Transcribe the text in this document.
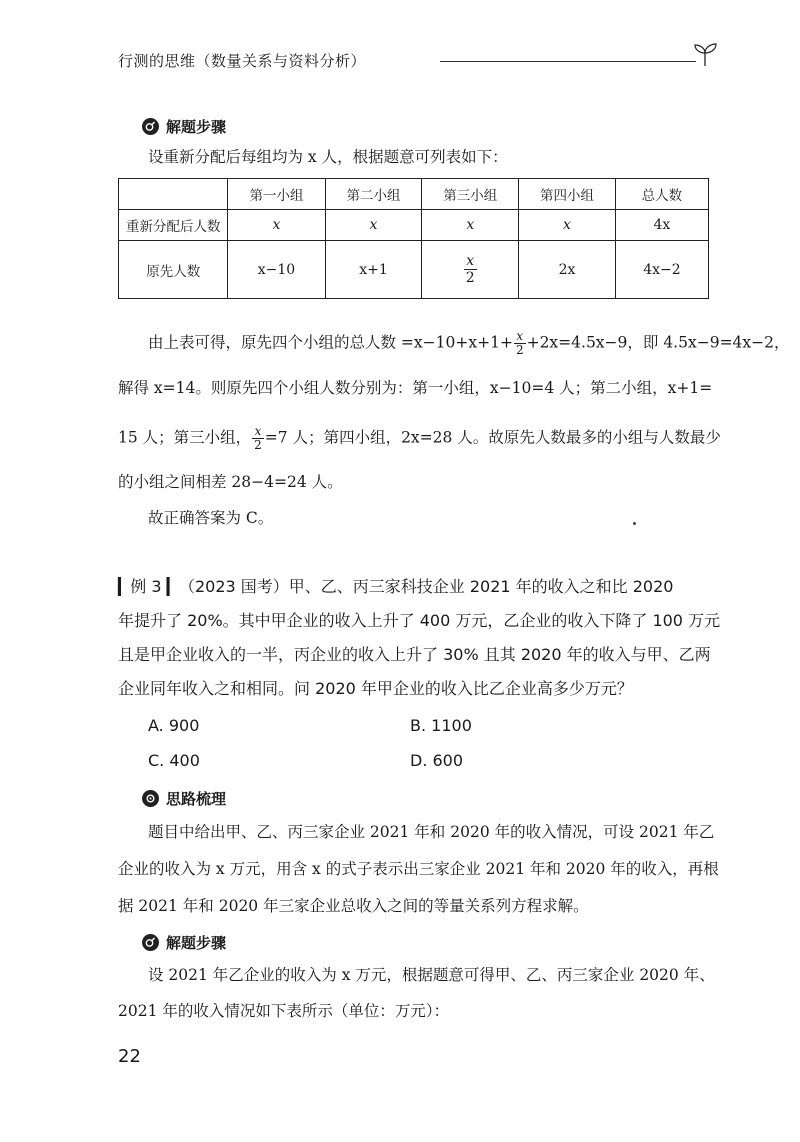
行测的思维（数量关系与资料分析）
解题步骤
设重新分配后每组均为 x 人，根据题意可列表如下：
	第一小组	第二小组	第三小组	第四小组	总人数
重新分配后人数	x	x	x	x	4x
原先人数	x−10	x+1	$\frac{x}{2}$	2x	4x−2
由上表可得，原先四个小组的总人数 $=x-10+x+1+ \frac{x}{2} +2x=4.5x-9$，即 4.5x−9=4x−2，
解得 x=14。则原先四个小组人数分别为：第一小组，x−10=4 人；第二小组，x+1=
15 人；第三小组， $\frac{x}{2} =7$ 人；第四小组，2x=28 人。故原先人数最多的小组与人数最少
的小组之间相差 28−4=24 人。
故正确答案为 C。
▎例 3 ▎（2023 国考）甲、乙、丙三家科技企业 2021 年的收入之和比 2020
年提升了 20%。其中甲企业的收入上升了 400 万元，乙企业的收入下降了 100 万元
且是甲企业收入的一半，丙企业的收入上升了 30% 且其 2020 年的收入与甲、乙两
企业同年收入之和相同。问 2020 年甲企业的收入比乙企业高多少万元？
A. 900	B. 1100
C. 400	D. 600
思路梳理
题目中给出甲、乙、丙三家企业 2021 年和 2020 年的收入情况，可设 2021 年乙
企业的收入为 x 万元，用含 x 的式子表示出三家企业 2021 年和 2020 年的收入，再根
据 2021 年和 2020 年三家企业总收入之间的等量关系列方程求解。
解题步骤
设 2021 年乙企业的收入为 x 万元，根据题意可得甲、乙、丙三家企业 2020 年、
2021 年的收入情况如下表所示（单位：万元）：
22
